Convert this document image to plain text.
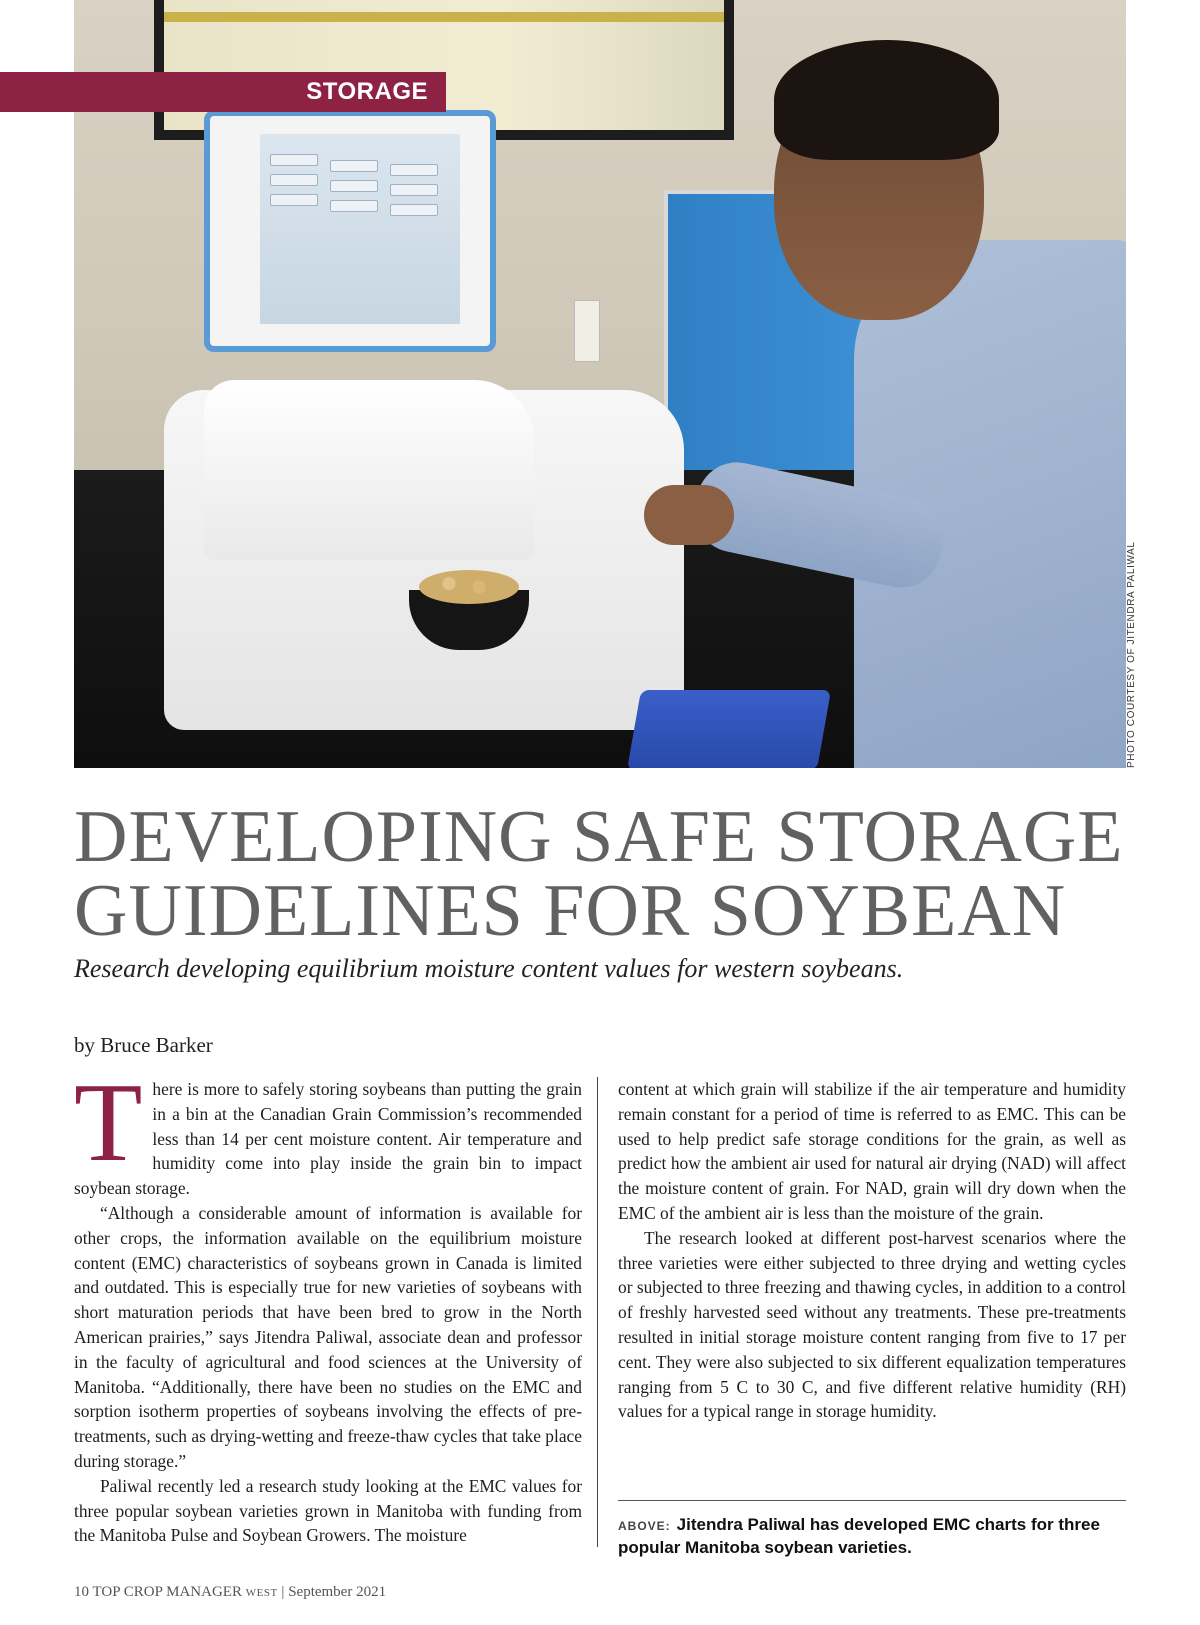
STORAGE
PHOTO COURTESY OF JITENDRA PALIWAL
DEVELOPING SAFE STORAGE
GUIDELINES FOR SOYBEAN
Research developing equilibrium moisture content values for western soybeans.
by Bruce Barker

There is more to safely storing soybeans than putting the grain in a bin at the Canadian Grain Commission’s recommended less than 14 per cent moisture content. Air temperature and humidity come into play inside the grain bin to impact soybean storage.

“Although a considerable amount of information is available for other crops, the information available on the equilibrium moisture content (EMC) characteristics of soybeans grown in Canada is limited and outdated. This is especially true for new varieties of soybeans with short maturation periods that have been bred to grow in the North American prairies,” says Jitendra Paliwal, associate dean and professor in the faculty of agricultural and food sciences at the University of Manitoba. “Additionally, there have been no studies on the EMC and sorption isotherm properties of soybeans involving the effects of pre-treatments, such as drying-wetting and freeze-thaw cycles that take place during storage.”

Paliwal recently led a research study looking at the EMC values for three popular soybean varieties grown in Manitoba with funding from the Manitoba Pulse and Soybean Growers. The moisture

content at which grain will stabilize if the air temperature and humidity remain constant for a period of time is referred to as EMC. This can be used to help predict safe storage conditions for the grain, as well as predict how the ambient air used for natural air drying (NAD) will affect the moisture content of grain. For NAD, grain will dry down when the EMC of the ambient air is less than the moisture of the grain.

The research looked at different post-harvest scenarios where the three varieties were either subjected to three drying and wetting cycles or subjected to three freezing and thawing cycles, in addition to a control of freshly harvested seed without any treatments. These pre-treatments resulted in initial storage moisture content ranging from five to 17 per cent. They were also subjected to six different equalization temperatures ranging from 5 C to 30 C, and five different relative humidity (RH) values for a typical range in storage humidity.

ABOVE: Jitendra Paliwal has developed EMC charts for three popular Manitoba soybean varieties.
10 TOP CROP MANAGER WEST | September 2021
